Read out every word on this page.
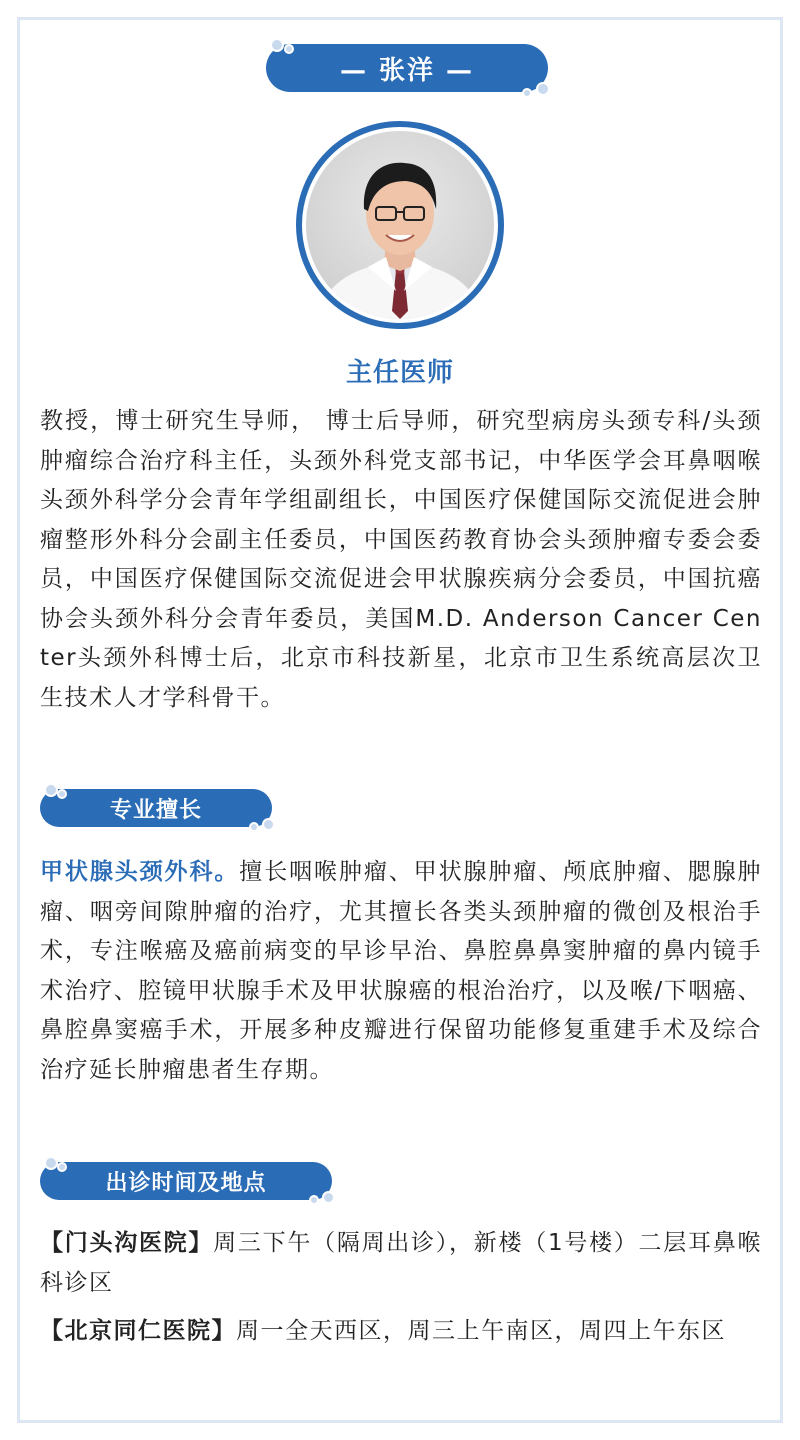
— 张洋 —
主任医师

教授，博士研究生导师， 博士后导师，研究型病房头颈专科/头颈肿瘤综合治疗科主任，头颈外科党支部书记，中华医学会耳鼻咽喉头颈外科学分会青年学组副组长，中国医疗保健国际交流促进会肿瘤整形外科分会副主任委员，中国医药教育协会头颈肿瘤专委会委员，中国医疗保健国际交流促进会甲状腺疾病分会委员，中国抗癌协会头颈外科分会青年委员，美国M.D. Anderson Cancer Center头颈外科博士后，北京市科技新星，北京市卫生系统高层次卫生技术人才学科骨干。

专业擅长

甲状腺头颈外科。擅长咽喉肿瘤、甲状腺肿瘤、颅底肿瘤、腮腺肿瘤、咽旁间隙肿瘤的治疗，尤其擅长各类头颈肿瘤的微创及根治手术，专注喉癌及癌前病变的早诊早治、鼻腔鼻鼻窦肿瘤的鼻内镜手术治疗、腔镜甲状腺手术及甲状腺癌的根治治疗，以及喉/下咽癌、鼻腔鼻窦癌手术，开展多种皮瓣进行保留功能修复重建手术及综合治疗延长肿瘤患者生存期。

出诊时间及地点

【门头沟医院】周三下午（隔周出诊），新楼（1号楼）二层耳鼻喉科诊区

【北京同仁医院】周一全天西区，周三上午南区，周四上午东区
